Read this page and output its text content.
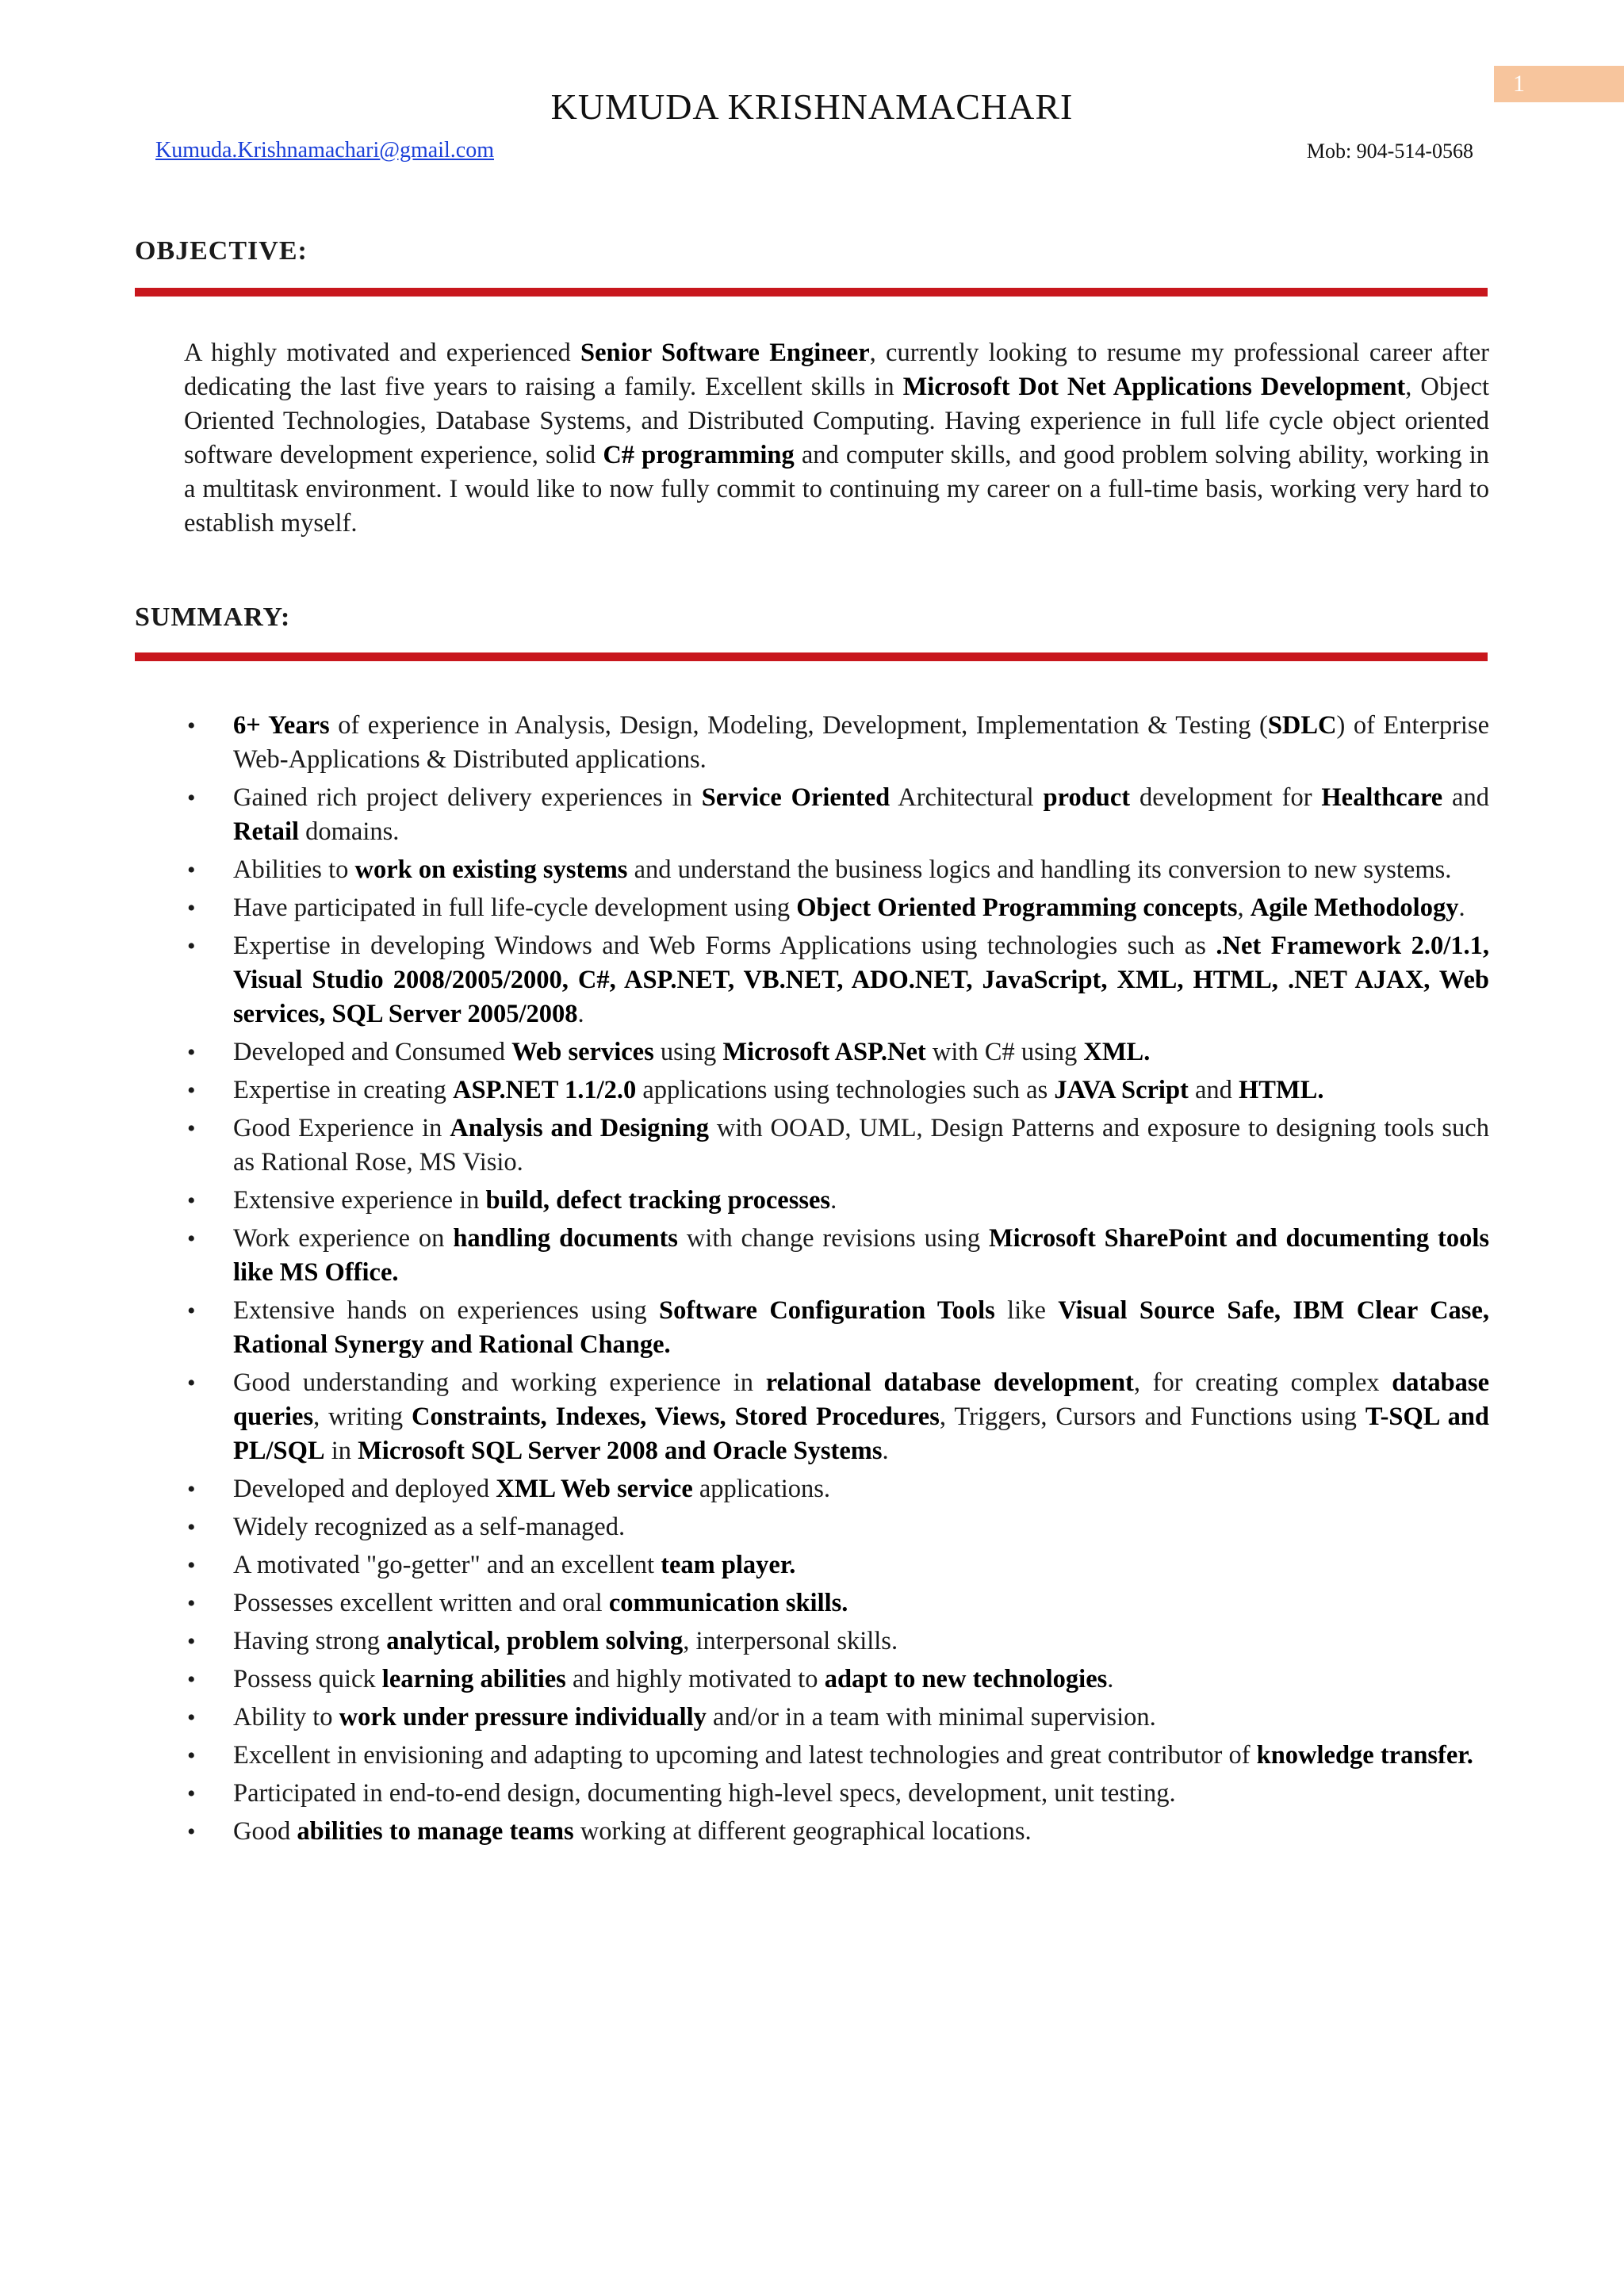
1
KUMUDA KRISHNAMACHARI
Kumuda.Krishnamachari@gmail.com	Mob: 904-514-0568
OBJECTIVE:
A highly motivated and experienced Senior Software Engineer, currently looking to resume my professional career after dedicating the last five years to raising a family. Excellent skills in Microsoft Dot Net Applications Development, Object Oriented Technologies, Database Systems, and Distributed Computing. Having experience in full life cycle object oriented software development experience, solid C# programming and computer skills, and good problem solving ability, working in a multitask environment. I would like to now fully commit to continuing my career on a full-time basis, working very hard to establish myself.
SUMMARY:
• 6+ Years of experience in Analysis, Design, Modeling, Development, Implementation & Testing (SDLC) of Enterprise Web-Applications & Distributed applications.
• Gained rich project delivery experiences in Service Oriented Architectural product development for Healthcare and Retail domains.
• Abilities to work on existing systems and understand the business logics and handling its conversion to new systems.
• Have participated in full life-cycle development using Object Oriented Programming concepts, Agile Methodology.
• Expertise in developing Windows and Web Forms Applications using technologies such as .Net Framework 2.0/1.1, Visual Studio 2008/2005/2000, C#, ASP.NET, VB.NET, ADO.NET, JavaScript, XML, HTML, .NET AJAX, Web services, SQL Server 2005/2008.
• Developed and Consumed Web services using Microsoft ASP.Net with C# using XML.
• Expertise in creating ASP.NET 1.1/2.0 applications using technologies such as JAVA Script and HTML.
• Good Experience in Analysis and Designing with OOAD, UML, Design Patterns and exposure to designing tools such as Rational Rose, MS Visio.
• Extensive experience in build, defect tracking processes.
• Work experience on handling documents with change revisions using Microsoft SharePoint and documenting tools like MS Office.
• Extensive hands on experiences using Software Configuration Tools like Visual Source Safe, IBM Clear Case, Rational Synergy and Rational Change.
• Good understanding and working experience in relational database development, for creating complex database queries, writing Constraints, Indexes, Views, Stored Procedures, Triggers, Cursors and Functions using T-SQL and PL/SQL in Microsoft SQL Server 2008 and Oracle Systems.
• Developed and deployed XML Web service applications.
• Widely recognized as a self-managed.
• A motivated "go-getter" and an excellent team player.
• Possesses excellent written and oral communication skills.
• Having strong analytical, problem solving, interpersonal skills.
• Possess quick learning abilities and highly motivated to adapt to new technologies.
• Ability to work under pressure individually and/or in a team with minimal supervision.
• Excellent in envisioning and adapting to upcoming and latest technologies and great contributor of knowledge transfer.
• Participated in end-to-end design, documenting high-level specs, development, unit testing.
• Good abilities to manage teams working at different geographical locations.
